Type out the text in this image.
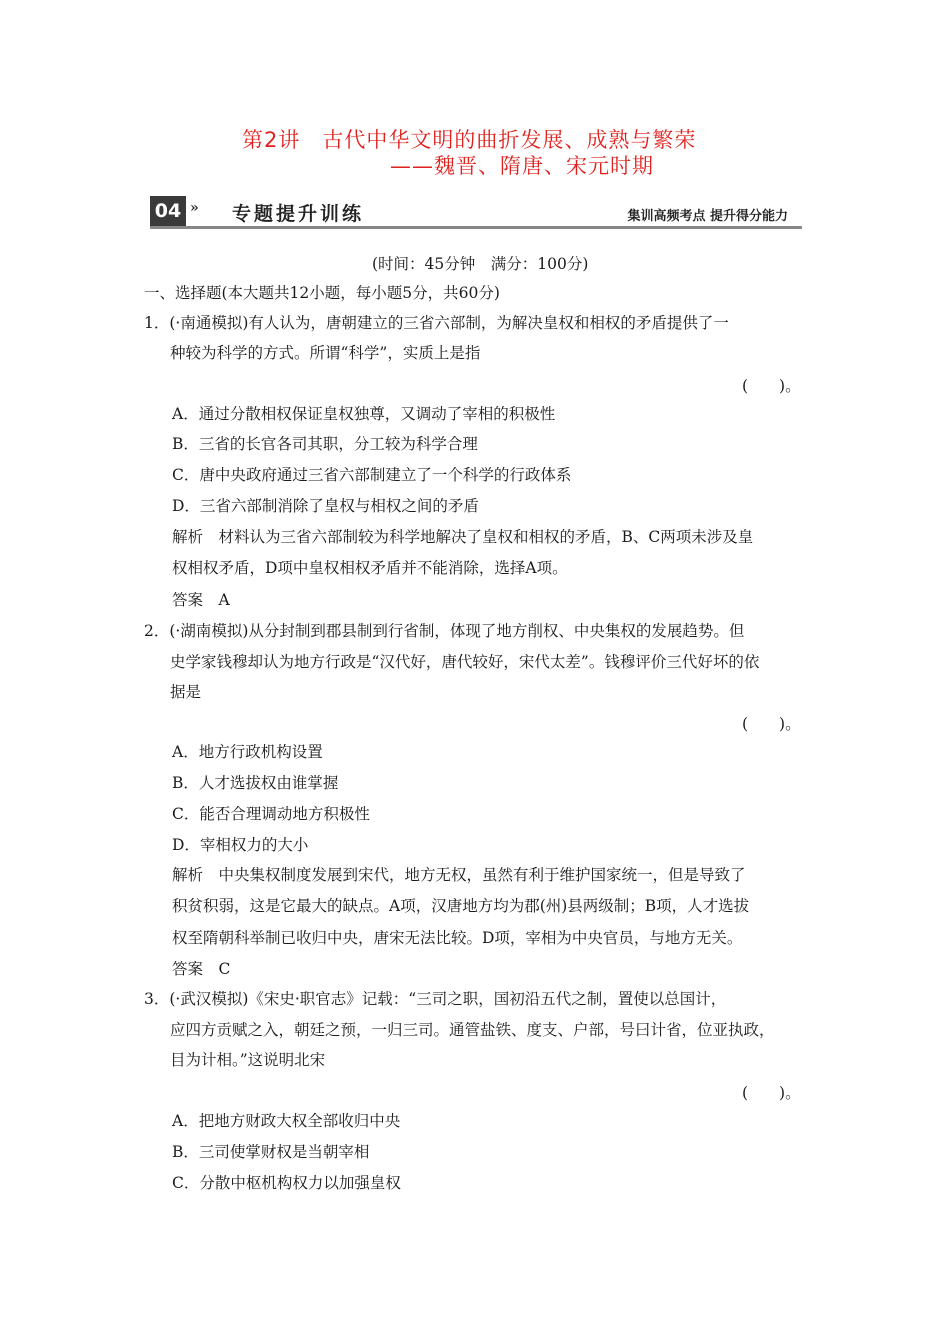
第2讲　古代中华文明的曲折发展、成熟与繁荣
——魏晋、隋唐、宋元时期
04 » 专题提升训练	集训高频考点 提升得分能力
(时间：45分钟　满分：100分)
一、选择题(本大题共12小题，每小题5分，共60分)
1．(·南通模拟)有人认为，唐朝建立的三省六部制，为解决皇权和相权的矛盾提供了一
种较为科学的方式。所谓“科学”，实质上是指
(　　)。
A．通过分散相权保证皇权独尊，又调动了宰相的积极性
B．三省的长官各司其职，分工较为科学合理
C．唐中央政府通过三省六部制建立了一个科学的行政体系
D．三省六部制消除了皇权与相权之间的矛盾
解析　材料认为三省六部制较为科学地解决了皇权和相权的矛盾，B、C两项未涉及皇
权相权矛盾，D项中皇权相权矛盾并不能消除，选择A项。
答案　A
2．(·湖南模拟)从分封制到郡县制到行省制，体现了地方削权、中央集权的发展趋势。但
史学家钱穆却认为地方行政是“汉代好，唐代较好，宋代太差”。钱穆评价三代好坏的依
据是
(　　)。
A．地方行政机构设置
B．人才选拔权由谁掌握
C．能否合理调动地方积极性
D．宰相权力的大小
解析　中央集权制度发展到宋代，地方无权，虽然有利于维护国家统一，但是导致了
积贫积弱，这是它最大的缺点。A项，汉唐地方均为郡(州)县两级制；B项，人才选拔
权至隋朝科举制已收归中央，唐宋无法比较。D项，宰相为中央官员，与地方无关。
答案　C
3．(·武汉模拟)《宋史·职官志》记载：“三司之职，国初沿五代之制，置使以总国计，
应四方贡赋之入，朝廷之预，一归三司。通管盐铁、度支、户部，号曰计省，位亚执政，
目为计相。”这说明北宋
(　　)。
A．把地方财政大权全部收归中央
B．三司使掌财权是当朝宰相
C．分散中枢机构权力以加强皇权
